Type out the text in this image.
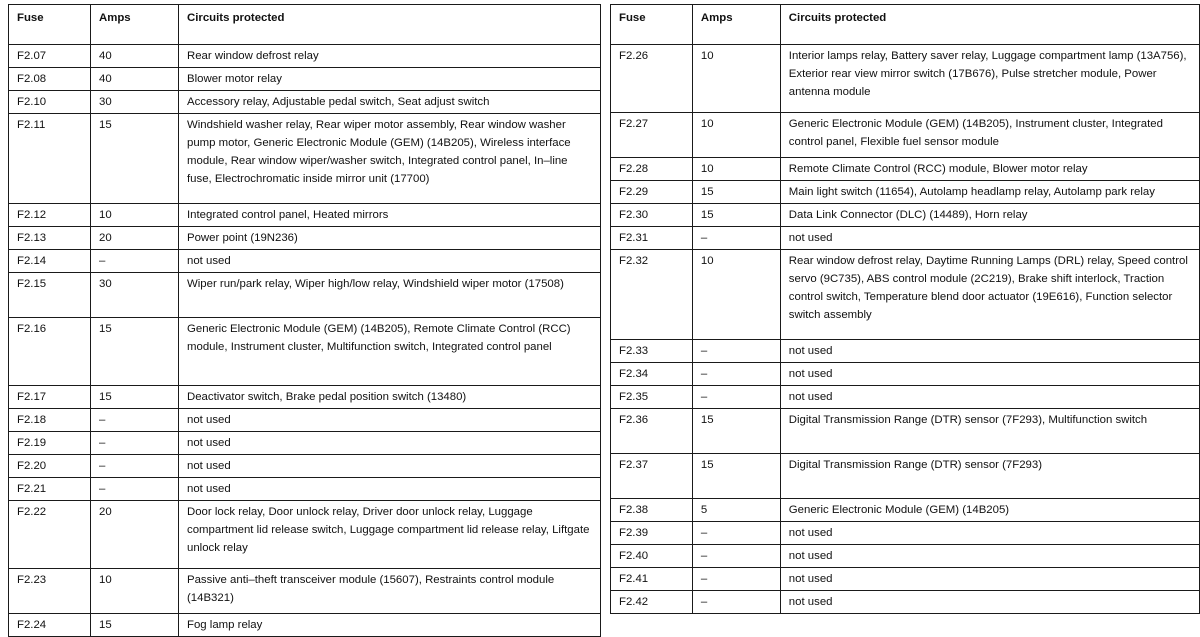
Fuse	Amps	Circuits protected
F2.07	40	Rear window defrost relay
F2.08	40	Blower motor relay
F2.10	30	Accessory relay, Adjustable pedal switch, Seat adjust switch
F2.11	15	Windshield washer relay, Rear wiper motor assembly, Rear window washer pump motor, Generic Electronic Module (GEM) (14B205), Wireless interface module, Rear window wiper/washer switch, Integrated control panel, In–line fuse, Electrochromatic inside mirror unit (17700)
F2.12	10	Integrated control panel, Heated mirrors
F2.13	20	Power point (19N236)
F2.14	–	not used
F2.15	30	Wiper run/park relay, Wiper high/low relay, Windshield wiper motor (17508)
F2.16	15	Generic Electronic Module (GEM) (14B205), Remote Climate Control (RCC) module, Instrument cluster, Multifunction switch, Integrated control panel
F2.17	15	Deactivator switch, Brake pedal position switch (13480)
F2.18	–	not used
F2.19	–	not used
F2.20	–	not used
F2.21	–	not used
F2.22	20	Door lock relay, Door unlock relay, Driver door unlock relay, Luggage compartment lid release switch, Luggage compartment lid release relay, Liftgate unlock relay
F2.23	10	Passive anti–theft transceiver module (15607), Restraints control module (14B321)
F2.24	15	Fog lamp relay
Fuse	Amps	Circuits protected
F2.26	10	Interior lamps relay, Battery saver relay, Luggage compartment lamp (13A756), Exterior rear view mirror switch (17B676), Pulse stretcher module, Power antenna module
F2.27	10	Generic Electronic Module (GEM) (14B205), Instrument cluster, Integrated control panel, Flexible fuel sensor module
F2.28	10	Remote Climate Control (RCC) module, Blower motor relay
F2.29	15	Main light switch (11654), Autolamp headlamp relay, Autolamp park relay
F2.30	15	Data Link Connector (DLC) (14489), Horn relay
F2.31	–	not used
F2.32	10	Rear window defrost relay, Daytime Running Lamps (DRL) relay, Speed control servo (9C735), ABS control module (2C219), Brake shift interlock, Traction control switch, Temperature blend door actuator (19E616), Function selector switch assembly
F2.33	–	not used
F2.34	–	not used
F2.35	–	not used
F2.36	15	Digital Transmission Range (DTR) sensor (7F293), Multifunction switch
F2.37	15	Digital Transmission Range (DTR) sensor (7F293)
F2.38	5	Generic Electronic Module (GEM) (14B205)
F2.39	–	not used
F2.40	–	not used
F2.41	–	not used
F2.42	–	not used
